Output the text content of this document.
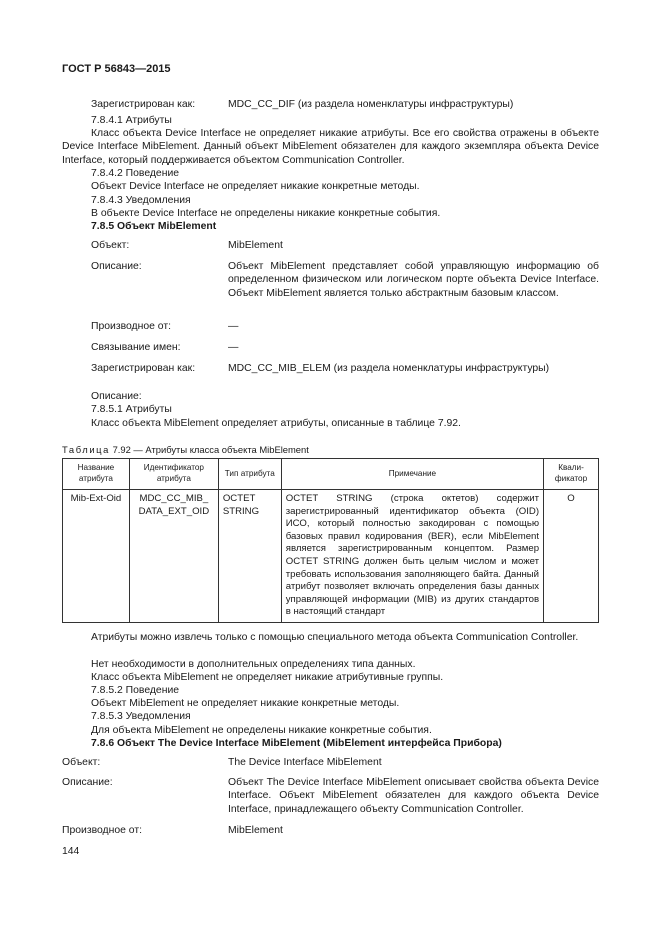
ГОСТ Р 56843—2015
Зарегистрирован как:	MDC_CC_DIF (из раздела номенклатуры инфраструктуры)
7.8.4.1 Атрибуты
Класс объекта Device Interface не определяет никакие атрибуты. Все его свойства отражены в объекте Device Interface MibElement. Данный объект MibElement обязателен для каждого экземпляра объекта Device Interface, который поддерживается объектом Communication Controller.
7.8.4.2 Поведение
Объект Device Interface не определяет никакие конкретные методы.
7.8.4.3 Уведомления
В объекте Device Interface не определены никакие конкретные события.
7.8.5 Объект MibElement
Объект:	MibElement
Описание:	Объект MibElement представляет собой управляющую информацию об определенном физическом или логическом порте объекта Device Interface. Объект MibElement является только абстрактным базовым классом.
Производное от:	—
Связывание имен:	—
Зарегистрирован как:	MDC_CC_MIB_ELEM (из раздела номенклатуры инфраструктуры)
Описание:
7.8.5.1 Атрибуты
Класс объекта MibElement определяет атрибуты, описанные в таблице 7.92.
Таблица 7.92 — Атрибуты класса объекта MibElement
Название атрибута	Идентификатор атрибута	Тип атрибута	Примечание	Квали-фикатор
Mib-Ext-Oid	MDC_CC_MIB_ DATA_EXT_OID	OCTET STRING	OCTET STRING (строка октетов) содержит зарегистрированный идентификатор объекта (OID) ИСО, который полностью закодирован с помощью базовых правил кодирования (BER), если MibElement является зарегистрированным концептом. Размер OCTET STRING должен быть целым числом и может требовать использования заполняющего байта. Данный атрибут позволяет включать определения базы данных управляющей информации (MIB) из других стандартов в настоящий стандарт	O
Атрибуты можно извлечь только с помощью специального метода объекта Communication Controller.
Нет необходимости в дополнительных определениях типа данных.
Класс объекта MibElement не определяет никакие атрибутивные группы.
7.8.5.2 Поведение
Объект MibElement не определяет никакие конкретные методы.
7.8.5.3 Уведомления
Для объекта MibElement не определены никакие конкретные события.
7.8.6 Объект The Device Interface MibElement (MibElement интерфейса Прибора)
Объект:	The Device Interface MibElement
Описание:	Объект The Device Interface MibElement описывает свойства объекта Device Interface. Объект MibElement обязателен для каждого объекта Device Interface, принадлежащего объекту Communication Controller.
Производное от:	MibElement
144
